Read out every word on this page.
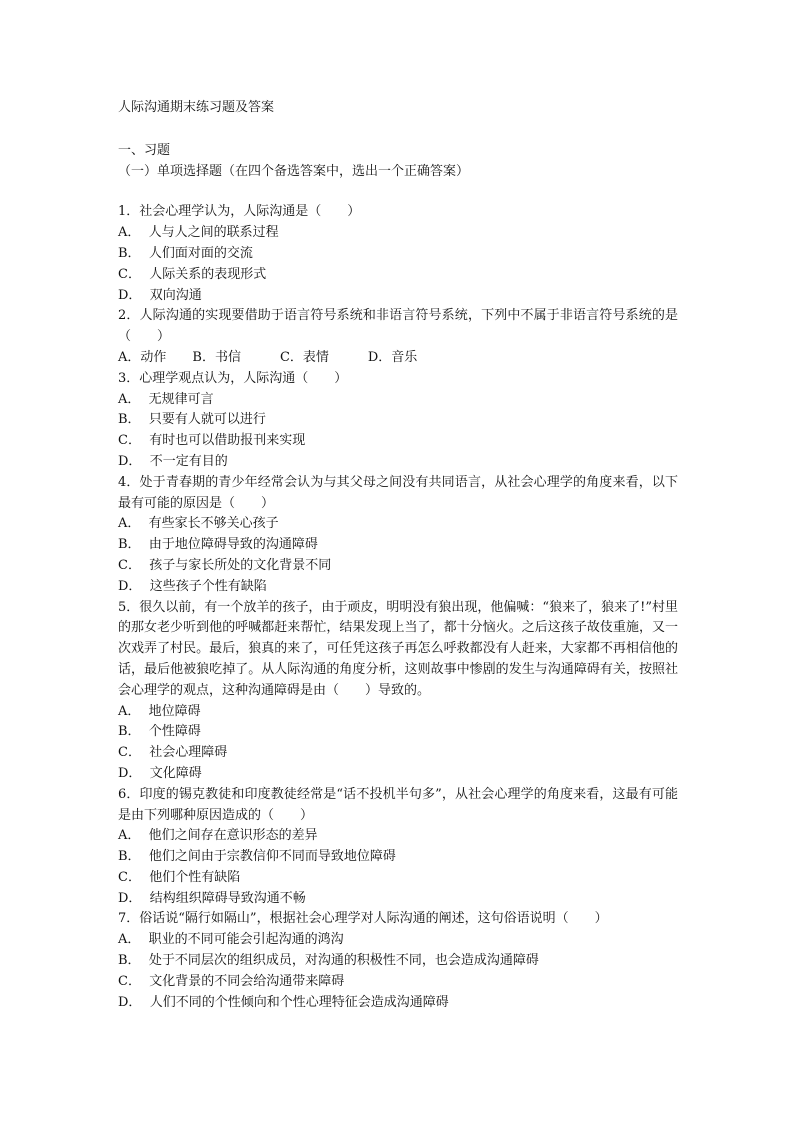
人际沟通期末练习题及答案
一、习题
（一）单项选择题（在四个备选答案中，选出一个正确答案）
1．社会心理学认为，人际沟通是（　　）
A．  人与人之间的联系过程
B．  人们面对面的交流
C．  人际关系的表现形式
D．  双向沟通
2．人际沟通的实现要借助于语言符号系统和非语言符号系统，下列中不属于非语言符号系统的是（　　）
A．动作　　B．书信　　　C．表情　　　D．音乐
3．心理学观点认为，人际沟通（　　）
A．  无规律可言
B．  只要有人就可以进行
C．  有时也可以借助报刊来实现
D．  不一定有目的
4．处于青春期的青少年经常会认为与其父母之间没有共同语言，从社会心理学的角度来看，以下最有可能的原因是（　　）
A．  有些家长不够关心孩子
B．  由于地位障碍导致的沟通障碍
C．  孩子与家长所处的文化背景不同
D．  这些孩子个性有缺陷
5．很久以前，有一个放羊的孩子，由于顽皮，明明没有狼出现，他偏喊：“狼来了，狼来了!”村里的那女老少听到他的呼喊都赶来帮忙，结果发现上当了，都十分恼火。之后这孩子故伎重施，又一次戏弄了村民。最后，狼真的来了，可任凭这孩子再怎么呼救都没有人赶来，大家都不再相信他的话，最后他被狼吃掉了。从人际沟通的角度分析，这则故事中惨剧的发生与沟通障碍有关，按照社会心理学的观点，这种沟通障碍是由（　　）导致的。
A．  地位障碍
B．  个性障碍
C．  社会心理障碍
D．  文化障碍
6．印度的锡克教徒和印度教徒经常是“话不投机半句多”，从社会心理学的角度来看，这最有可能是由下列哪种原因造成的（　　）
A．  他们之间存在意识形态的差异
B．  他们之间由于宗教信仰不同而导致地位障碍
C．  他们个性有缺陷
D．  结构组织障碍导致沟通不畅
7．俗话说“隔行如隔山”，根据社会心理学对人际沟通的阐述，这句俗语说明（　　）
A．  职业的不同可能会引起沟通的鸿沟
B．  处于不同层次的组织成员，对沟通的积极性不同，也会造成沟通障碍
C．  文化背景的不同会给沟通带来障碍
D．  人们不同的个性倾向和个性心理特征会造成沟通障碍
